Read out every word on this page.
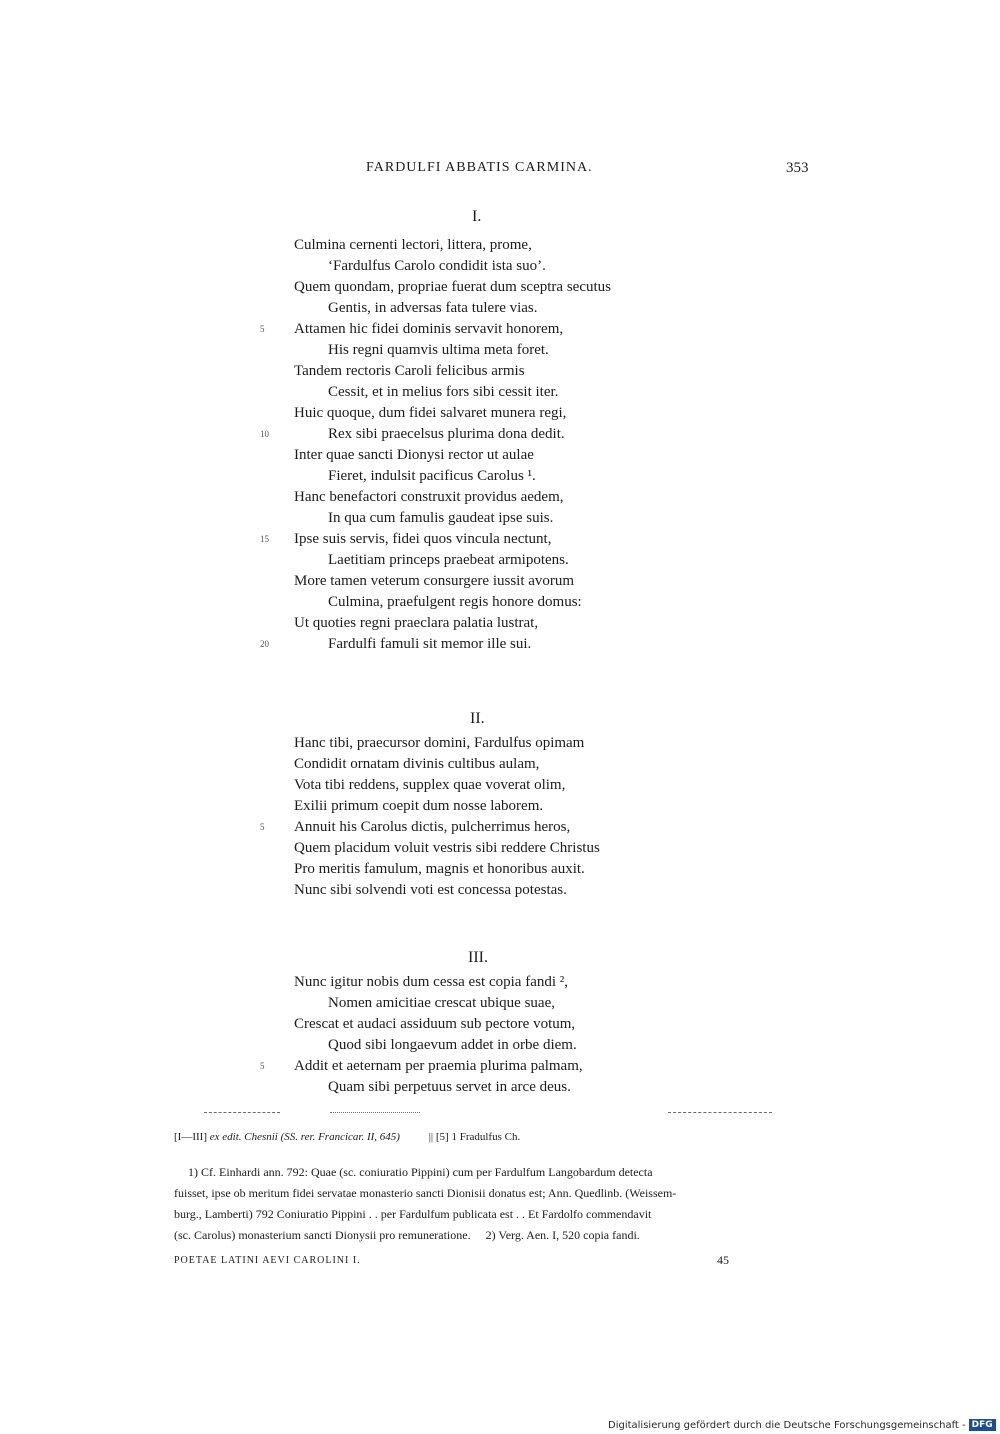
FARDULFI ABBATIS CARMINA.	353
I.
Culmina cernenti lectori, littera, prome,
‘Fardulfus Carolo condidit ista suo’.
Quem quondam, propriae fuerat dum sceptra secutus
Gentis, in adversas fata tulere vias.
5 Attamen hic fidei dominis servavit honorem,
His regni quamvis ultima meta foret.
Tandem rectoris Caroli felicibus armis
Cessit, et in melius fors sibi cessit iter.
Huic quoque, dum fidei salvaret munera regi,
10	Rex sibi praecelsus plurima dona dedit.
Inter quae sancti Dionysi rector ut aulae
Fieret, indulsit pacificus Carolus ¹.
Hanc benefactori construxit providus aedem,
In qua cum famulis gaudeat ipse suis.
15 Ipse suis servis, fidei quos vincula nectunt,
Laetitiam princeps praebeat armipotens.
More tamen veterum consurgere iussit avorum
Culmina, praefulgent regis honore domus:
Ut quoties regni praeclara palatia lustrat,
20	Fardulfi famuli sit memor ille sui.
II.
Hanc tibi, praecursor domini, Fardulfus opimam
Condidit ornatam divinis cultibus aulam,
Vota tibi reddens, supplex quae voverat olim,
Exilii primum coepit dum nosse laborem.
5 Annuit his Carolus dictis, pulcherrimus heros,
Quem placidum voluit vestris sibi reddere Christus
Pro meritis famulum, magnis et honoribus auxit.
Nunc sibi solvendi voti est concessa potestas.
III.
Nunc igitur nobis dum cessa est copia fandi ²,
Nomen amicitiae crescat ubique suae,
Crescat et audaci assiduum sub pectore votum,
Quod sibi longaevum addet in orbe diem.
5 Addit et aeternam per praemia plurima palmam,
Quam sibi perpetuus servet in arce deus.
[I—III] ex edit. Chesnii (SS. rer. Francicar. II, 645)	|| [5] 1 Fradulfus Ch.
1) Cf. Einhardi ann. 792: Quae (sc. coniuratio Pippini) cum per Fardulfum Langobardum detecta
fuisset, ipse ob meritum fidei servatae monasterio sancti Dionisii donatus est; Ann. Quedlinb. (Weissem-
burg., Lamberti) 792 Coniuratio Pippini . . per Fardulfum publicata est . . Et Fardolfo commendavit
(sc. Carolus) monasterium sancti Dionysii pro remuneratione.     2) Verg. Aen. I, 520 copia fandi.
POETAE LATINI AEVI CAROLINI I.	45
Digitalisierung gefördert durch die Deutsche Forschungsgemeinschaft - DFG
